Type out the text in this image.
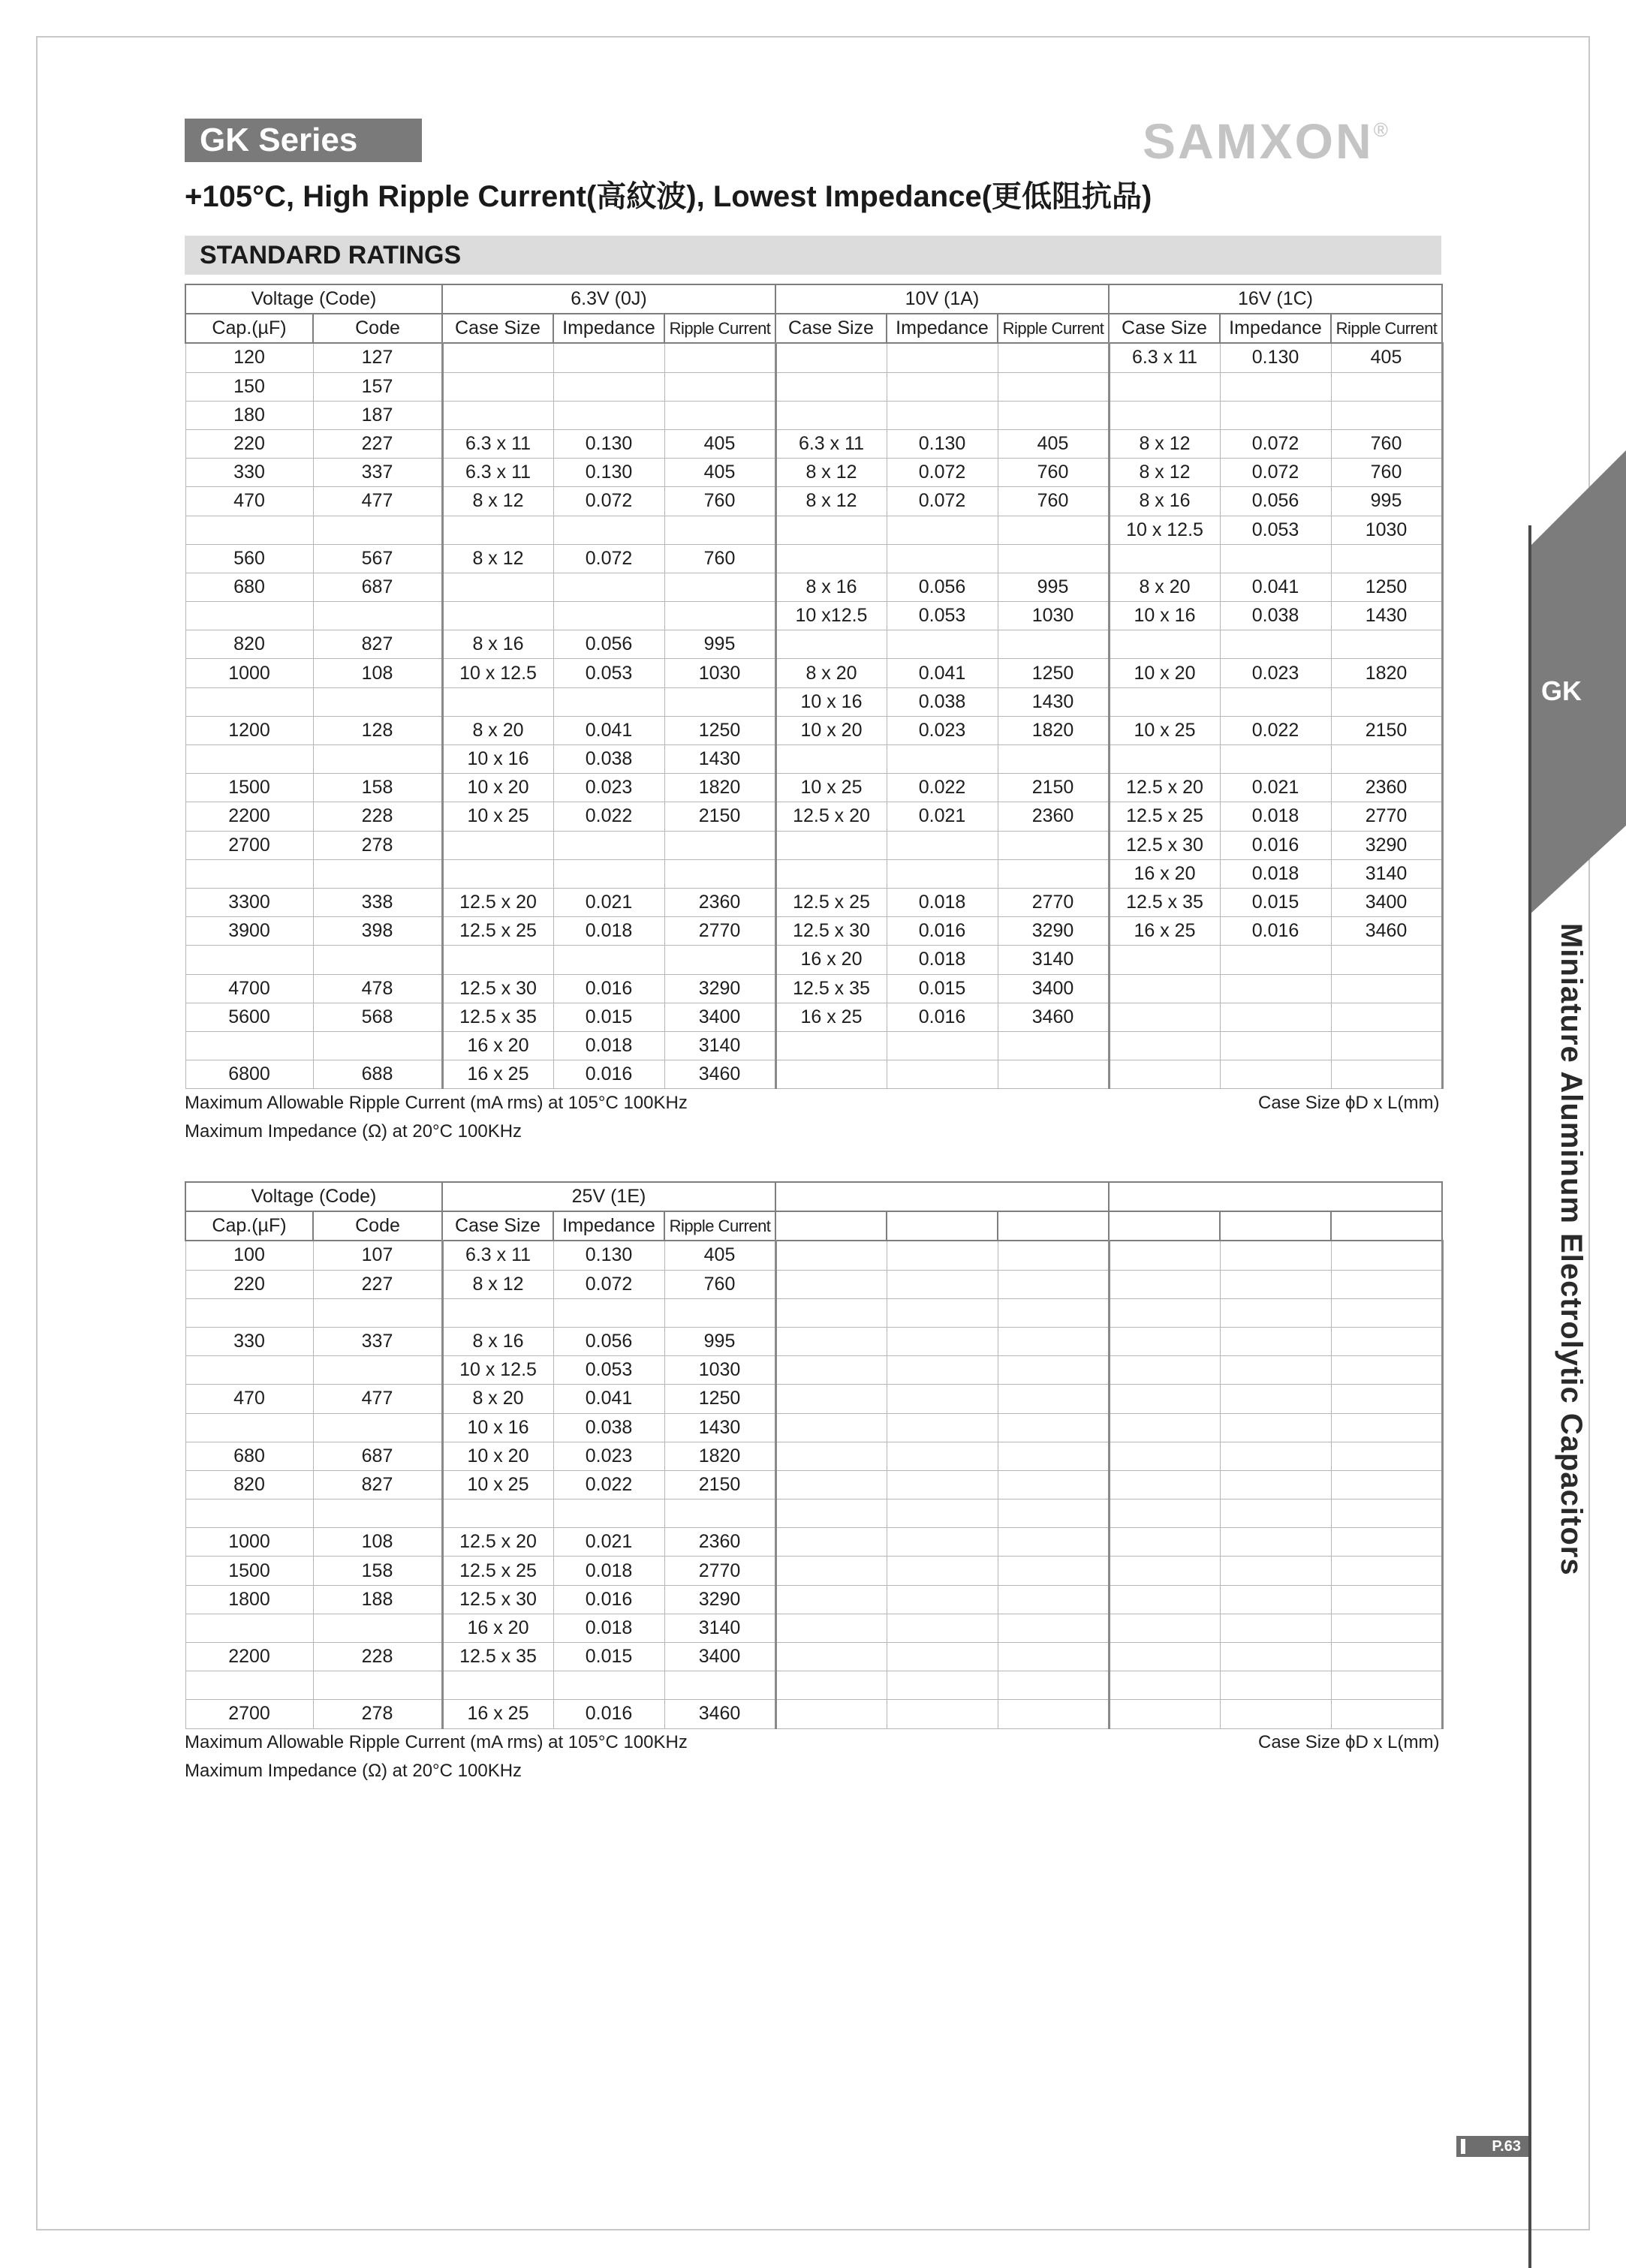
GK
Miniature Aluminum Electrolytic Capacitors
GK Series	SAMXON®
+105°C, High Ripple Current(高紋波), Lowest Impedance(更低阻抗品)
STANDARD RATINGS
Voltage (Code)		6.3V (0J)			10V (1A)			16V (1C)		
Cap.(µF)	Code	Case Size	Impedance	Ripple Current	Case Size	Impedance	Ripple Current	Case Size	Impedance	Ripple Current
120	127							6.3 x 11	0.130	405
150	157									
180	187									
220	227	6.3 x 11	0.130	405	6.3 x 11	0.130	405	8 x 12	0.072	760
330	337	6.3 x 11	0.130	405	8 x 12	0.072	760	8 x 12	0.072	760
470	477	8 x 12	0.072	760	8 x 12	0.072	760	8 x 16	0.056	995
								10 x 12.5	0.053	1030
560	567	8 x 12	0.072	760						
680	687				8 x 16	0.056	995	8 x 20	0.041	1250
					10 x12.5	0.053	1030	10 x 16	0.038	1430
820	827	8 x 16	0.056	995						
1000	108	10 x 12.5	0.053	1030	8 x 20	0.041	1250	10 x 20	0.023	1820
					10 x 16	0.038	1430			
1200	128	8 x 20	0.041	1250	10 x 20	0.023	1820	10 x 25	0.022	2150
		10 x 16	0.038	1430						
1500	158	10 x 20	0.023	1820	10 x 25	0.022	2150	12.5 x 20	0.021	2360
2200	228	10 x 25	0.022	2150	12.5 x 20	0.021	2360	12.5 x 25	0.018	2770
2700	278							12.5 x 30	0.016	3290
								16 x 20	0.018	3140
3300	338	12.5 x 20	0.021	2360	12.5 x 25	0.018	2770	12.5 x 35	0.015	3400
3900	398	12.5 x 25	0.018	2770	12.5 x 30	0.016	3290	16 x 25	0.016	3460
					16 x 20	0.018	3140			
4700	478	12.5 x 30	0.016	3290	12.5 x 35	0.015	3400			
5600	568	12.5 x 35	0.015	3400	16 x 25	0.016	3460			
		16 x 20	0.018	3140						
6800	688	16 x 25	0.016	3460						
Maximum Allowable Ripple Current (mA rms) at 105°C 100KHz
Maximum Impedance (Ω) at 20°C 100KHz
Case Size ϕD x L(mm)
Voltage (Code)		25V (1E)								
Cap.(µF)	Code	Case Size	Impedance	Ripple Current						
100	107	6.3 x 11	0.130	405						
220	227	8 x 12	0.072	760						

330	337	8 x 16	0.056	995						
		10 x 12.5	0.053	1030						
470	477	8 x 20	0.041	1250						
		10 x 16	0.038	1430						
680	687	10 x 20	0.023	1820						
820	827	10 x 25	0.022	2150						

1000	108	12.5 x 20	0.021	2360						
1500	158	12.5 x 25	0.018	2770						
1800	188	12.5 x 30	0.016	3290						
		16 x 20	0.018	3140						
2200	228	12.5 x 35	0.015	3400						

2700	278	16 x 25	0.016	3460						
Maximum Allowable Ripple Current (mA rms) at 105°C 100KHz
Maximum Impedance (Ω) at 20°C 100KHz
Case Size ϕD x L(mm)
P.63
